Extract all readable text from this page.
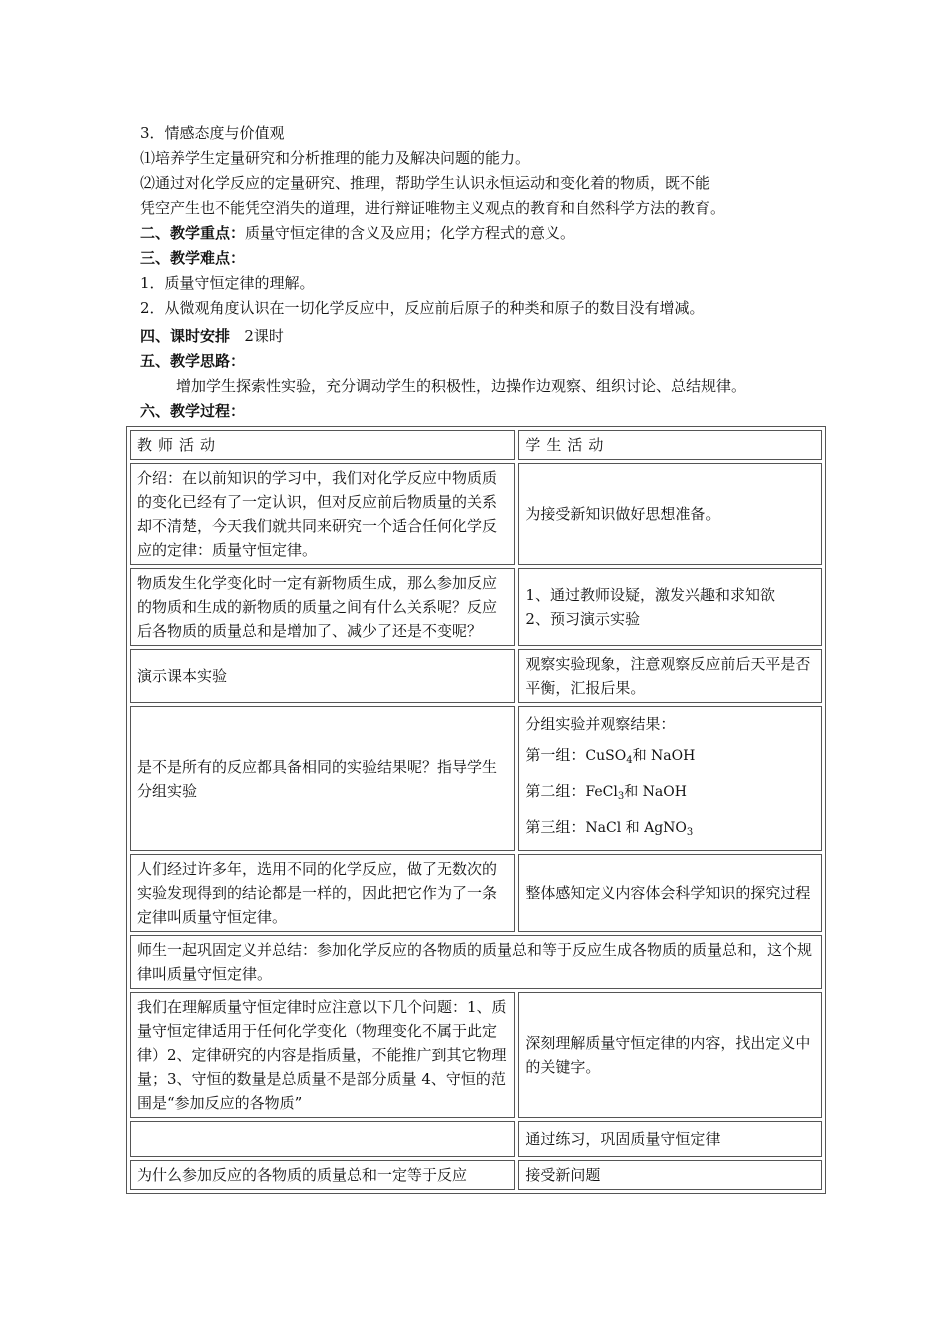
3．情感态度与价值观
⑴培养学生定量研究和分析推理的能力及解决问题的能力。
⑵通过对化学反应的定量研究、推理，帮助学生认识永恒运动和变化着的物质，既不能
凭空产生也不能凭空消失的道理，进行辩证唯物主义观点的教育和自然科学方法的教育。
二、教学重点：质量守恒定律的含义及应用；化学方程式的意义。
三、教学难点：
1．质量守恒定律的理解。
2．从微观角度认识在一切化学反应中，反应前后原子的种类和原子的数目没有增减。
四、课时安排 2课时
五、教学思路：
增加学生探索性实验，充分调动学生的积极性，边操作边观察、组织讨论、总结规律。
六、教学过程：
教师活动	学生活动
介绍：在以前知识的学习中，我们对化学反应中物质质的变化已经有了一定认识，但对反应前后物质量的关系却不清楚，今天我们就共同来研究一个适合任何化学反应的定律：质量守恒定律。	为接受新知识做好思想准备。
物质发生化学变化时一定有新物质生成，那么参加反应的物质和生成的新物质的质量之间有什么关系呢？反应后各物质的质量总和是增加了、减少了还是不变呢？	1、通过教师设疑，激发兴趣和求知欲
2、预习演示实验

演示课本实验	观察实验现象，注意观察反应前后天平是否平衡，汇报后果。
是不是所有的反应都具备相同的实验结果呢？指导学生分组实验	分组实验并观察结果：
第一组：CuSO$_4$和 NaOH
第二组：FeCl$_3$和 NaOH
第三组：NaCl 和 AgNO$_3$

人们经过许多年，选用不同的化学反应，做了无数次的实验发现得到的结论都是一样的，因此把它作为了一条定律叫质量守恒定律。	整体感知定义内容体会科学知识的探究过程
师生一起巩固定义并总结：参加化学反应的各物质的质量总和等于反应生成各物质的质量总和，这个规律叫质量守恒定律。	
我们在理解质量守恒定律时应注意以下几个问题：1、质量守恒定律适用于任何化学变化（物理变化不属于此定律）2、定律研究的内容是指质量，不能推广到其它物理量；3、守恒的数量是总质量不是部分质量 4、守恒的范围是“参加反应的各物质”	深刻理解质量守恒定律的内容，找出定义中的关键字。
	通过练习，巩固质量守恒定律
为什么参加反应的各物质的质量总和一定等于反应	接受新问题
